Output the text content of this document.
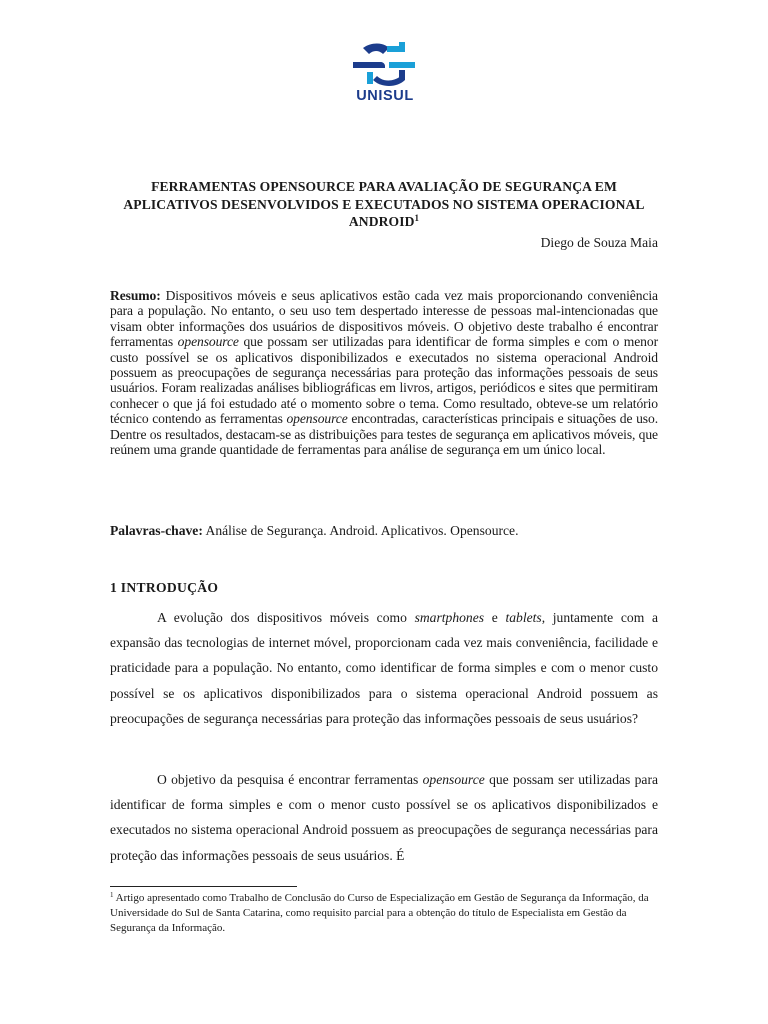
UNISUL
FERRAMENTAS OPENSOURCE PARA AVALIAÇÃO DE SEGURANÇA EM APLICATIVOS DESENVOLVIDOS E EXECUTADOS NO SISTEMA OPERACIONAL ANDROID$^1$
Diego de Souza Maia
Resumo: Dispositivos móveis e seus aplicativos estão cada vez mais proporcionando conveniência para a população. No entanto, o seu uso tem despertado interesse de pessoas mal-intencionadas que visam obter informações dos usuários de dispositivos móveis. O objetivo deste trabalho é encontrar ferramentas opensource que possam ser utilizadas para identificar de forma simples e com o menor custo possível se os aplicativos disponibilizados e executados no sistema operacional Android possuem as preocupações de segurança necessárias para proteção das informações pessoais de seus usuários. Foram realizadas análises bibliográficas em livros, artigos, periódicos e sites que permitiram conhecer o que já foi estudado até o momento sobre o tema. Como resultado, obteve-se um relatório técnico contendo as ferramentas opensource encontradas, características principais e situações de uso. Dentre os resultados, destacam-se as distribuições para testes de segurança em aplicativos móveis, que reúnem uma grande quantidade de ferramentas para análise de segurança em um único local.
Palavras-chave: Análise de Segurança. Android. Aplicativos. Opensource.
1 INTRODUÇÃO
A evolução dos dispositivos móveis como smartphones e tablets, juntamente com a expansão das tecnologias de internet móvel, proporcionam cada vez mais conveniência, facilidade e praticidade para a população. No entanto, como identificar de forma simples e com o menor custo possível se os aplicativos disponibilizados para o sistema operacional Android possuem as preocupações de segurança necessárias para proteção das informações pessoais de seus usuários?
O objetivo da pesquisa é encontrar ferramentas opensource que possam ser utilizadas para identificar de forma simples e com o menor custo possível se os aplicativos disponibilizados e executados no sistema operacional Android possuem as preocupações de segurança necessárias para proteção das informações pessoais de seus usuários. É
$^1$ Artigo apresentado como Trabalho de Conclusão do Curso de Especialização em Gestão de Segurança da Informação, da Universidade do Sul de Santa Catarina, como requisito parcial para a obtenção do título de Especialista em Gestão da Segurança da Informação.
